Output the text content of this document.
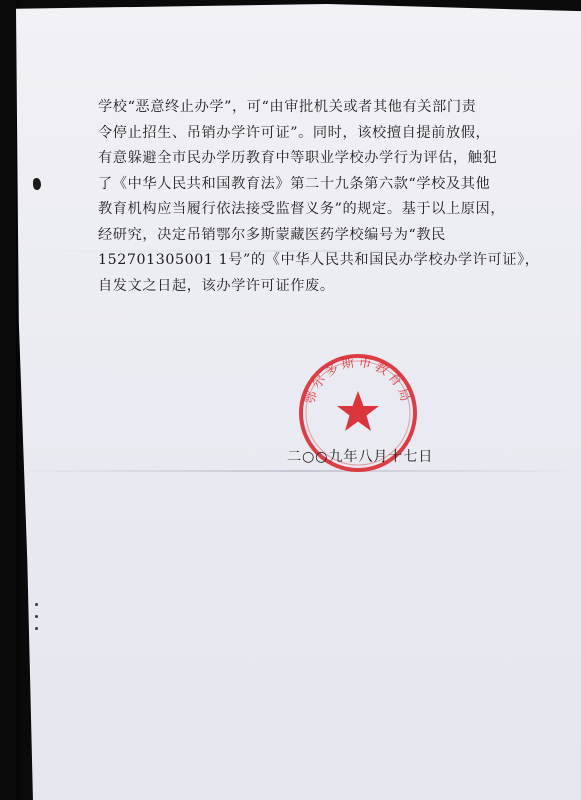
学校“恶意终止办学”，可“由审批机关或者其他有关部门责
令停止招生、吊销办学许可证”。同时，该校擅自提前放假，
有意躲避全市民办学历教育中等职业学校办学行为评估，触犯
了《中华人民共和国教育法》第二十九条第六款“学校及其他
教育机构应当履行依法接受监督义务”的规定。基于以上原因，
经研究，决定吊销鄂尔多斯蒙藏医药学校编号为“教民
152701305001 1号”的《中华人民共和国民办学校办学许可证》，
自发文之日起，该办学许可证作废。
鄂尔多斯市教育局
二○○九年八月十七日
